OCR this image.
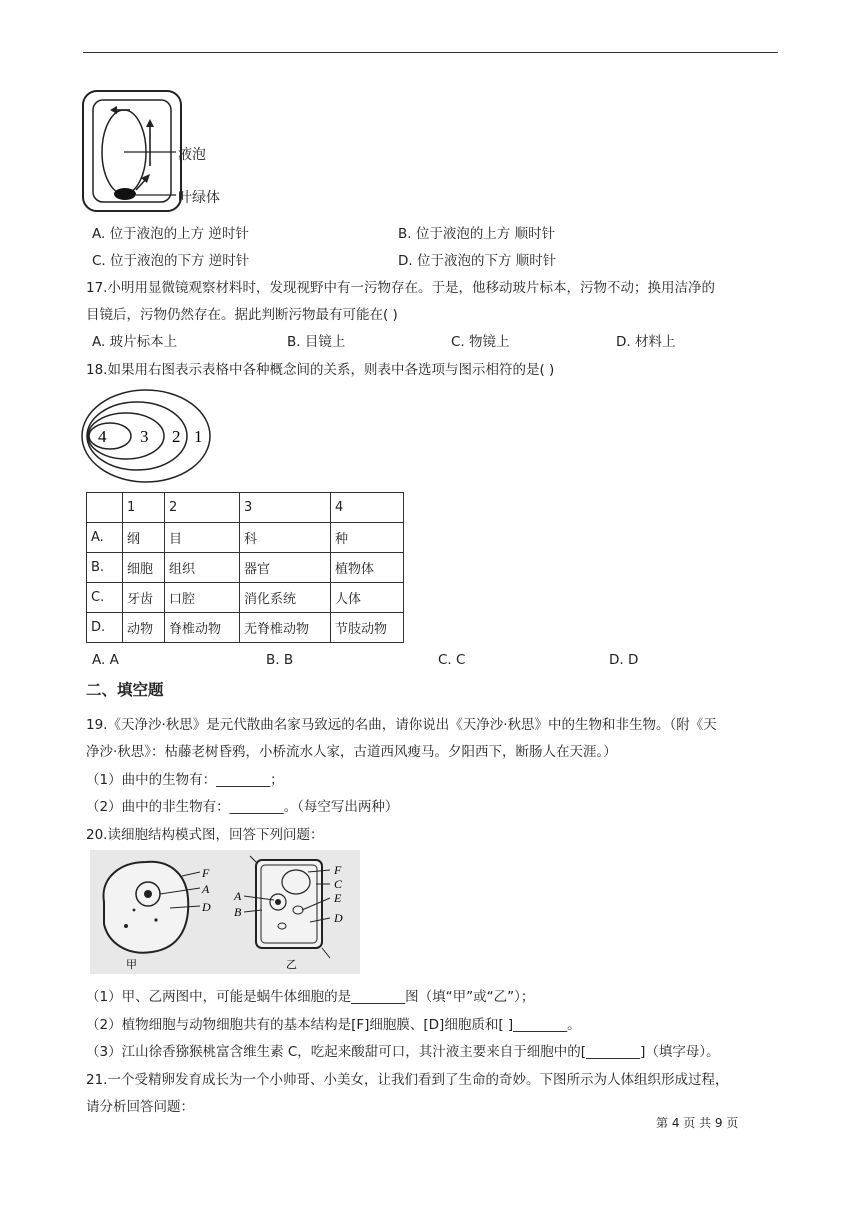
液泡
叶绿体
A. 位于液泡的上方 逆时针	B. 位于液泡的上方 顺时针
C. 位于液泡的下方 逆时针	D. 位于液泡的下方 顺时针
17.小明用显微镜观察材料时，发现视野中有一污物存在。于是，他移动玻片标本，污物不动；换用洁净的
目镜后，污物仍然存在。据此判断污物最有可能在( )
A. 玻片标本上	B. 目镜上	C. 物镜上	D. 材料上
18.如果用右图表示表格中各种概念间的关系，则表中各选项与图示相符的是( )
4 3 2 1
	1	2	3	4
A.	纲	目	科	种
B.	细胞	组织	器官	植物体
C.	牙齿	口腔	消化系统	人体
D.	动物	脊椎动物	无脊椎动物	节肢动物
A. A	B. B	C. C	D. D
二、填空题
19.《天净沙·秋思》是元代散曲名家马致远的名曲，请你说出《天净沙·秋思》中的生物和非生物。（附《天
净沙·秋思》：枯藤老树昏鸦，小桥流水人家，古道西风瘦马。夕阳西下，断肠人在天涯。）
（1）曲中的生物有：________；
（2）曲中的非生物有：________。（每空写出两种）
20.读细胞结构模式图，回答下列问题：
F
A
D
甲
F
C
E
D
A
B
乙
（1）甲、乙两图中，可能是蜗牛体细胞的是________图（填“甲”或“乙”）；
（2）植物细胞与动物细胞共有的基本结构是[F]细胞膜、[D]细胞质和[ ]________。
（3）江山徐香猕猴桃富含维生素 C，吃起来酸甜可口，其汁液主要来自于细胞中的[________]（填字母）。
21.一个受精卵发育成长为一个小帅哥、小美女，让我们看到了生命的奇妙。下图所示为人体组织形成过程，
请分析回答问题：
第 4 页 共 9 页
